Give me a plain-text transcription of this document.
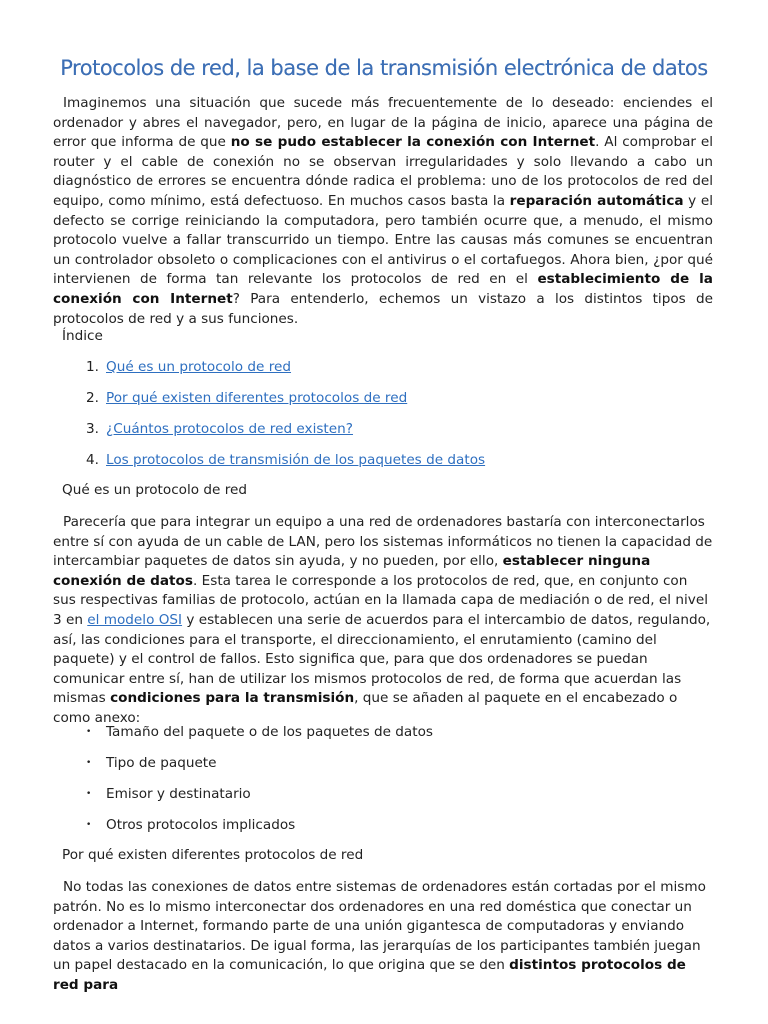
Protocolos de red, la base de la transmisión electrónica de datos

Imaginemos una situación que sucede más frecuentemente de lo deseado: enciendes el ordenador y abres el navegador, pero, en lugar de la página de inicio, aparece una página de error que informa de que no se pudo establecer la conexión con Internet. Al comprobar el router y el cable de conexión no se observan irregularidades y solo llevando a cabo un diagnóstico de errores se encuentra dónde radica el problema: uno de los protocolos de red del equipo, como mínimo, está defectuoso. En muchos casos basta la reparación automática y el defecto se corrige reiniciando la computadora, pero también ocurre que, a menudo, el mismo protocolo vuelve a fallar transcurrido un tiempo. Entre las causas más comunes se encuentran un controlador obsoleto o complicaciones con el antivirus o el cortafuegos. Ahora bien, ¿por qué intervienen de forma tan relevante los protocolos de red en el establecimiento de la conexión con Internet? Para entenderlo, echemos un vistazo a los distintos tipos de protocolos de red y a sus funciones.

Índice

1. Qué es un protocolo de red
2. Por qué existen diferentes protocolos de red
3. ¿Cuántos protocolos de red existen?
4. Los protocolos de transmisión de los paquetes de datos

Qué es un protocolo de red

Parecería que para integrar un equipo a una red de ordenadores bastaría con interconectarlos entre sí con ayuda de un cable de LAN, pero los sistemas informáticos no tienen la capacidad de intercambiar paquetes de datos sin ayuda, y no pueden, por ello, establecer ninguna conexión de datos. Esta tarea le corresponde a los protocolos de red, que, en conjunto con sus respectivas familias de protocolo, actúan en la llamada capa de mediación o de red, el nivel 3 en el modelo OSI y establecen una serie de acuerdos para el intercambio de datos, regulando, así, las condiciones para el transporte, el direccionamiento, el enrutamiento (camino del paquete) y el control de fallos. Esto significa que, para que dos ordenadores se puedan comunicar entre sí, han de utilizar los mismos protocolos de red, de forma que acuerdan las mismas condiciones para la transmisión, que se añaden al paquete en el encabezado o como anexo:

• Tamaño del paquete o de los paquetes de datos
• Tipo de paquete
• Emisor y destinatario
• Otros protocolos implicados

Por qué existen diferentes protocolos de red

No todas las conexiones de datos entre sistemas de ordenadores están cortadas por el mismo patrón. No es lo mismo interconectar dos ordenadores en una red doméstica que conectar un ordenador a Internet, formando parte de una unión gigantesca de computadoras y enviando datos a varios destinatarios. De igual forma, las jerarquías de los participantes también juegan un papel destacado en la comunicación, lo que origina que se den distintos protocolos de red para
